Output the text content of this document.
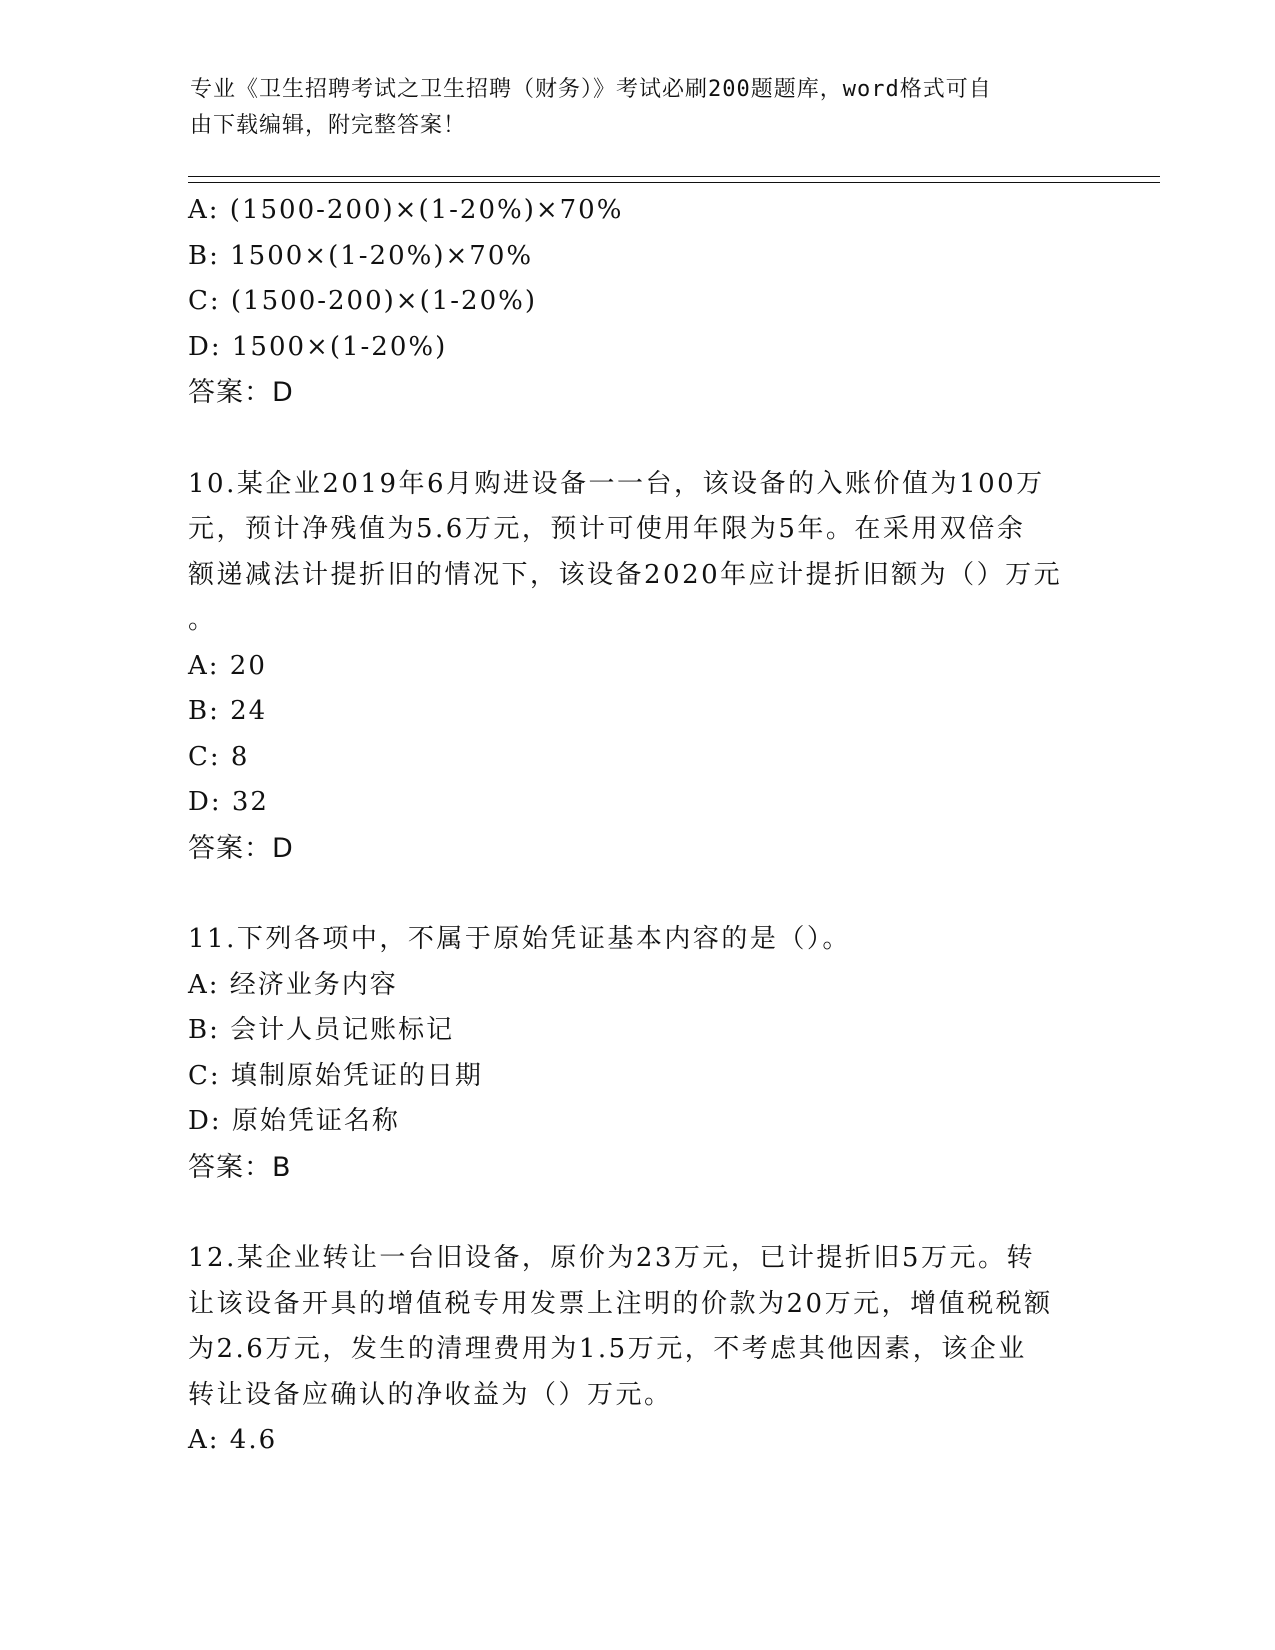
专业《卫生招聘考试之卫生招聘（财务）》考试必刷200题题库，word格式可自
由下载编辑，附完整答案！
A: (1500-200)×(1-20%)×70%
B: 1500×(1-20%)×70%
C: (1500-200)×(1-20%)
D: 1500×(1-20%)
答案：D
10.某企业2019年6月购进设备一一台，该设备的入账价值为100万
元，预计净残值为5.6万元，预计可使用年限为5年。在采用双倍余
额递减法计提折旧的情况下，该设备2020年应计提折旧额为（）万元
。
A: 20
B: 24
C: 8
D: 32
答案：D
11.下列各项中，不属于原始凭证基本内容的是（）。
A: 经济业务内容
B: 会计人员记账标记
C: 填制原始凭证的日期
D: 原始凭证名称
答案：B
12.某企业转让一台旧设备，原价为23万元，已计提折旧5万元。转
让该设备开具的增值税专用发票上注明的价款为20万元，增值税税额
为2.6万元，发生的清理费用为1.5万元，不考虑其他因素，该企业
转让设备应确认的净收益为（）万元。
A: 4.6
